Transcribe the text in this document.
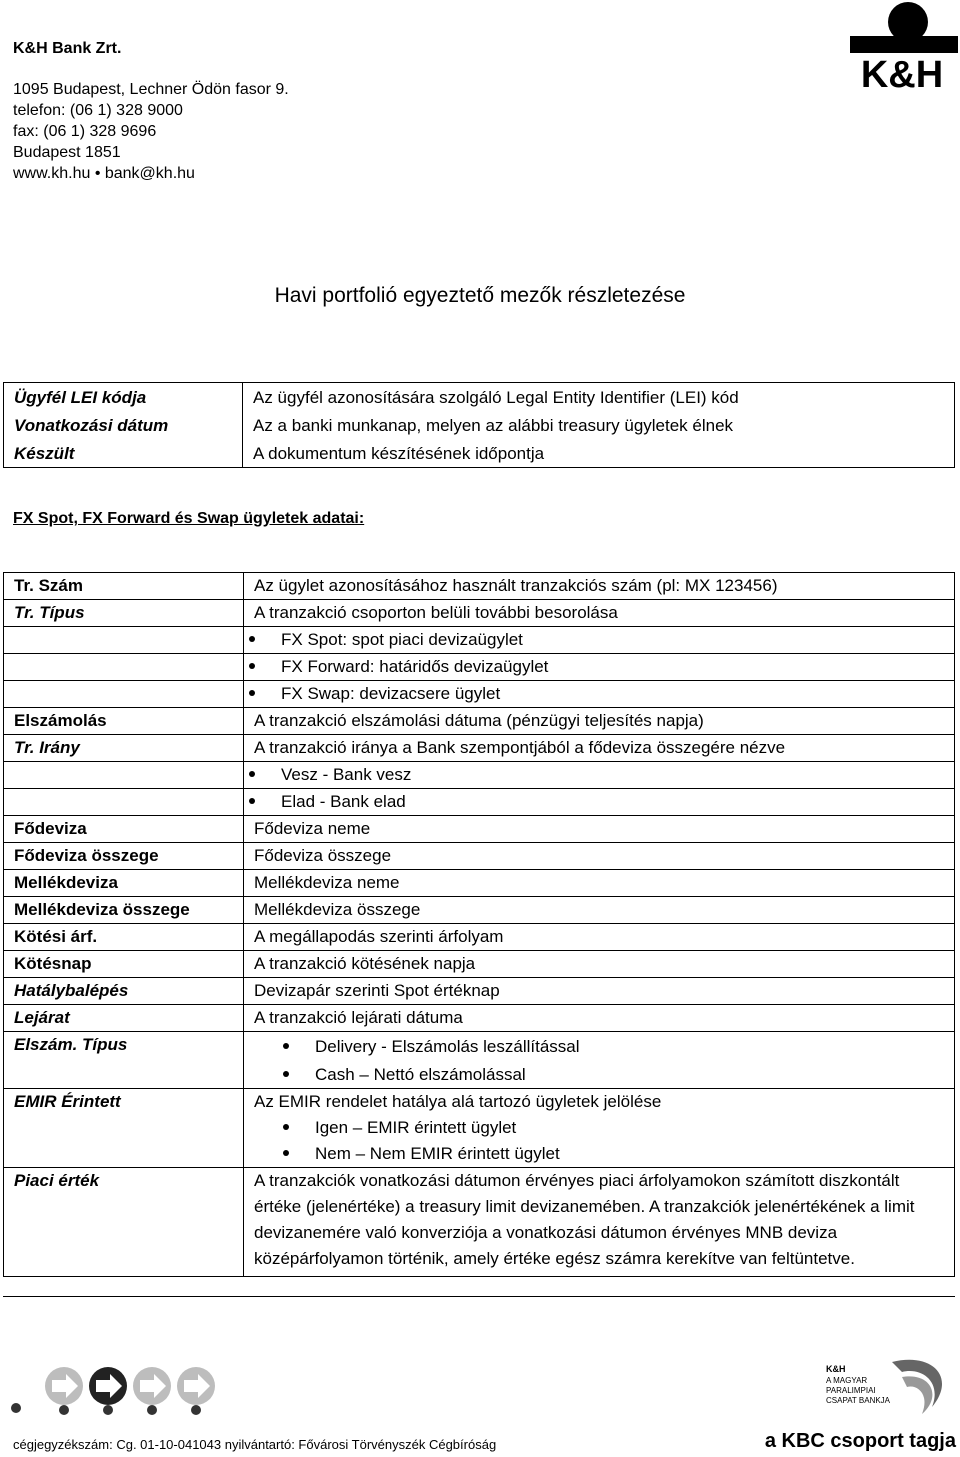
K&H Bank Zrt.
1095 Budapest, Lechner Ödön fasor 9.
telefon: (06 1) 328 9000
fax: (06 1) 328 9696
Budapest 1851
www.kh.hu • bank@kh.hu
K&H
Havi portfolió egyeztető mezők részletezése
Ügyfél LEI kódja	Az ügyfél azonosítására szolgáló Legal Entity Identifier (LEI) kód
Vonatkozási dátum	Az a banki munkanap, melyen az alábbi treasury ügyletek élnek
Készült	A dokumentum készítésének időpontja
FX Spot, FX Forward és Swap ügyletek adatai:
Tr. Szám	Az ügylet azonosításához használt tranzakciós szám (pl: MX 123456)
Tr. Típus	A tranzakció csoporton belüli további besorolása
	FX Spot: spot piaci devizaügylet
	FX Forward: határidős devizaügylet
	FX Swap: devizacsere ügylet
Elszámolás	A tranzakció elszámolási dátuma (pénzügyi teljesítés napja)
Tr. Irány	A tranzakció iránya a Bank szempontjából a fődeviza összegére nézve
	Vesz - Bank vesz
	Elad - Bank elad
Fődeviza	Fődeviza neme
Fődeviza összege	Fődeviza összege
Mellékdeviza	Mellékdeviza neme
Mellékdeviza összege	Mellékdeviza összege
Kötési árf.	A megállapodás szerinti árfolyam
Kötésnap	A tranzakció kötésének napja
Hatálybalépés	Devizapár szerinti Spot értéknap
Lejárat	A tranzakció lejárati dátuma
Elszám. Típus	Delivery - Elszámolás leszállítással
	Cash – Nettó elszámolással
EMIR Érintett	Az EMIR rendelet hatálya alá tartozó ügyletek jelölése
Igen – EMIR érintett ügylet
Nem – Nem EMIR érintett ügylet

Piaci érték	A tranzakciók vonatkozási dátumon érvényes piaci árfolyamokon számított diszkontált értéke (jelenértéke) a treasury limit devizanemében. A tranzakciók jelenértékének a limit devizanemére való konverziója a vonatkozási dátumon érvényes MNB deviza középárfolyamon történik, amely értéke egész számra kerekítve van feltüntetve.
K&H
A MAGYAR
PARALIMPIAI
CSAPAT BANKJA
cégjegyzékszám: Cg. 01-10-041043 nyilvántartó: Fővárosi Törvényszék Cégbíróság	a KBC csoport tagja
